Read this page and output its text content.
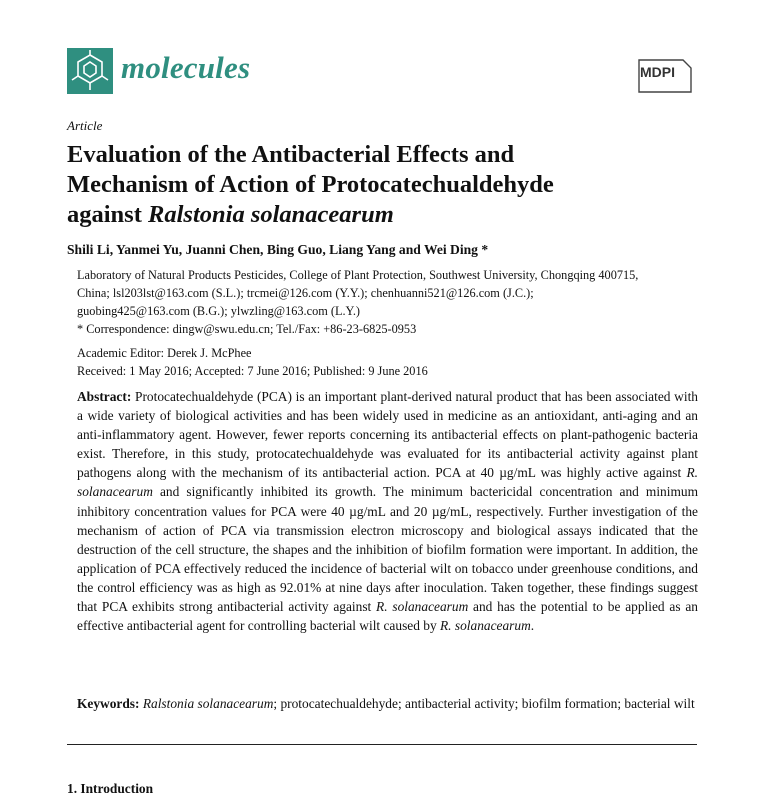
molecules	MDPI
Article
Evaluation of the Antibacterial Effects and
Mechanism of Action of Protocatechualdehyde
against Ralstonia solanacearum
Shili Li, Yanmei Yu, Juanni Chen, Bing Guo, Liang Yang and Wei Ding *
Laboratory of Natural Products Pesticides, College of Plant Protection, Southwest University, Chongqing 400715,
China; lsl203lst@163.com (S.L.); trcmei@126.com (Y.Y.); chenhuanni521@126.com (J.C.);
guobing425@163.com (B.G.); ylwzling@163.com (L.Y.)
* Correspondence: dingw@swu.edu.cn; Tel./Fax: +86-23-6825-0953
Academic Editor: Derek J. McPhee
Received: 1 May 2016; Accepted: 7 June 2016; Published: 9 June 2016
Abstract: Protocatechualdehyde (PCA) is an important plant-derived natural product that has been associated with a wide variety of biological activities and has been widely used in medicine as an antioxidant, anti-aging and an anti-inflammatory agent. However, fewer reports concerning its antibacterial effects on plant-pathogenic bacteria exist. Therefore, in this study, protocatechualdehyde was evaluated for its antibacterial activity against plant pathogens along with the mechanism of its antibacterial action. PCA at 40 µg/mL was highly active against R. solanacearum and significantly inhibited its growth. The minimum bactericidal concentration and minimum inhibitory concentration values for PCA were 40 µg/mL and 20 µg/mL, respectively. Further investigation of the mechanism of action of PCA via transmission electron microscopy and biological assays indicated that the destruction of the cell structure, the shapes and the inhibition of biofilm formation were important. In addition, the application of PCA effectively reduced the incidence of bacterial wilt on tobacco under greenhouse conditions, and the control efficiency was as high as 92.01% at nine days after inoculation. Taken together, these findings suggest that PCA exhibits strong antibacterial activity against R. solanacearum and has the potential to be applied as an effective antibacterial agent for controlling bacterial wilt caused by R. solanacearum.
Keywords: Ralstonia solanacearum; protocatechualdehyde; antibacterial activity; biofilm formation; bacterial wilt
1. Introduction
